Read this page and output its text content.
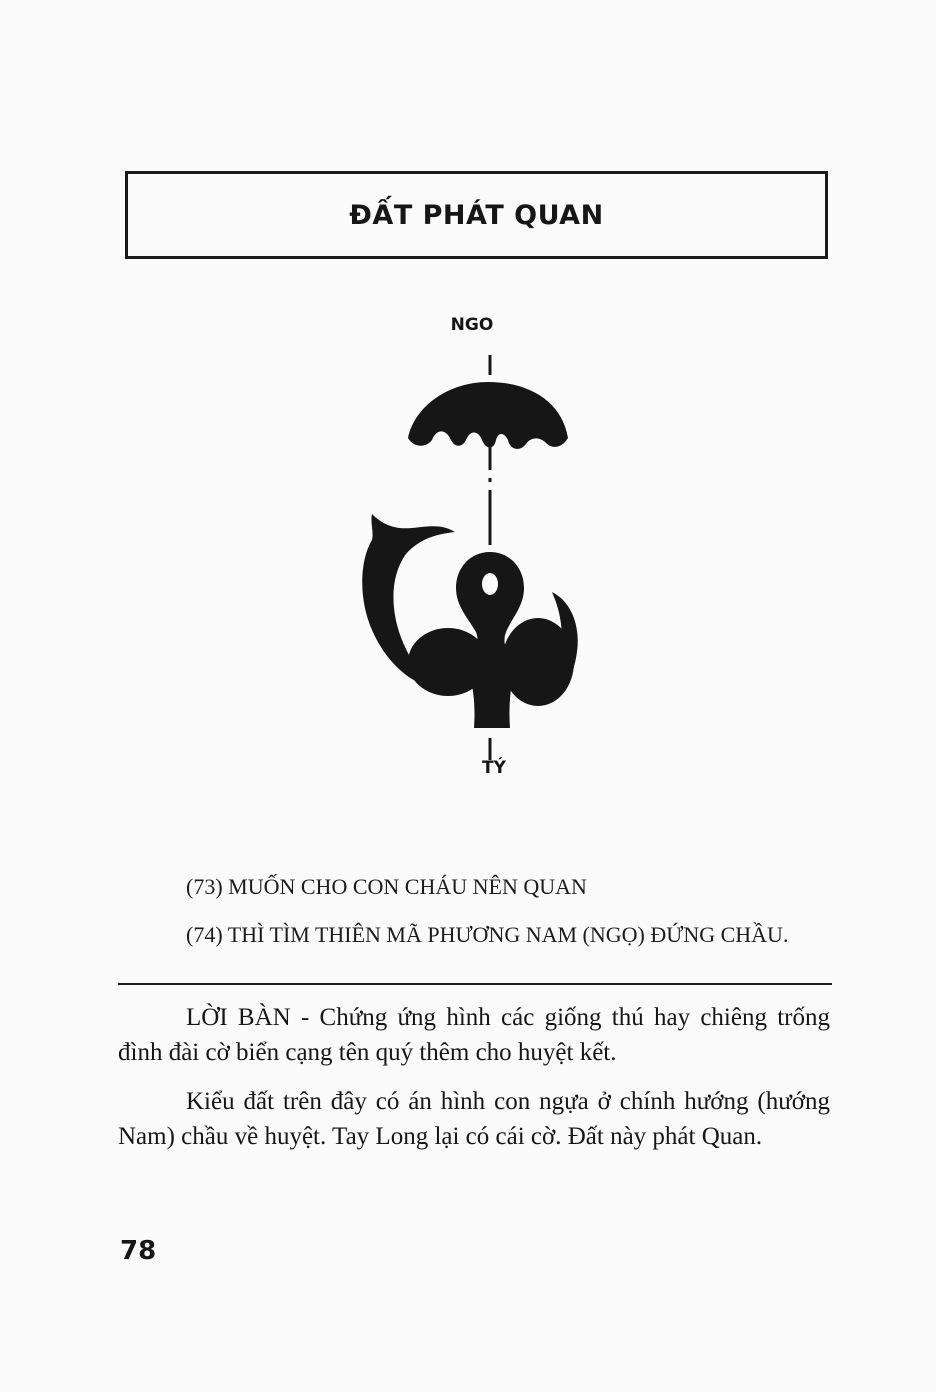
ĐẤT PHÁT QUAN
NGO
TÝ
(73) MUỐN CHO CON CHÁU NÊN QUAN
(74) THÌ TÌM THIÊN MÃ PHƯƠNG NAM (NGỌ) ĐỨNG CHẦU.

LỜI BÀN - Chứng ứng hình các giống thú hay chiêng trống đình đài cờ biển cạng tên quý thêm cho huyệt kết.

Kiểu đất trên đây có án hình con ngựa ở chính hướng (hướng Nam) chầu về huyệt. Tay Long lại có cái cờ. Đất này phát Quan.

78
